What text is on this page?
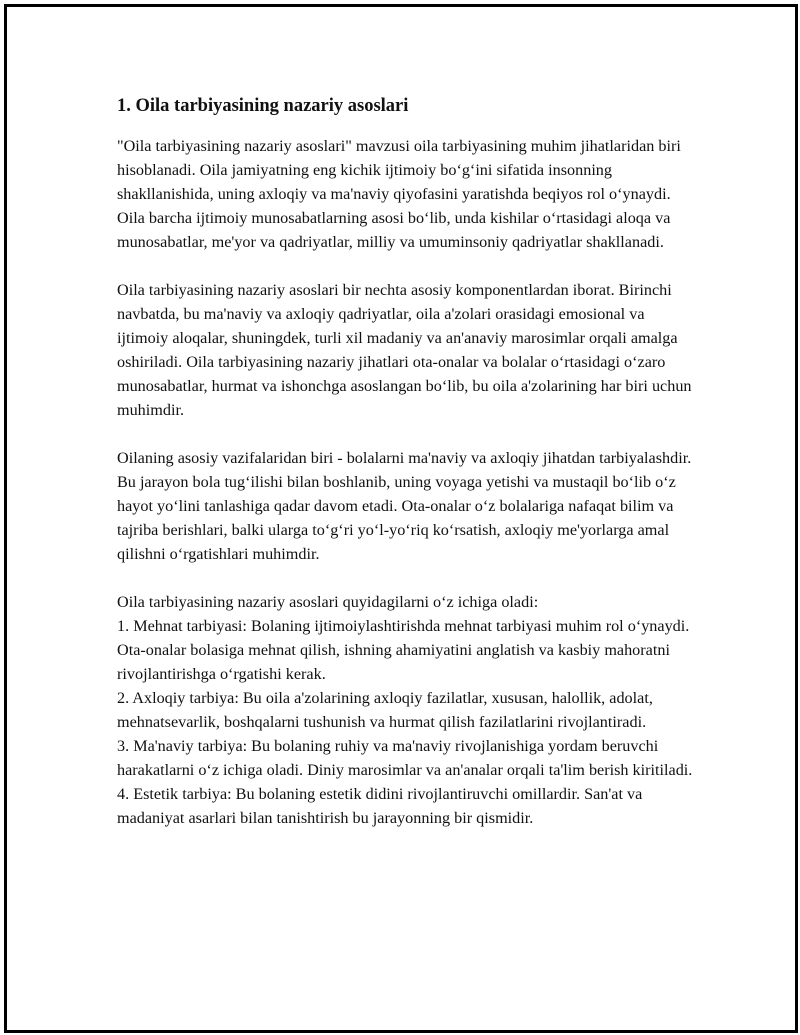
1. Oila tarbiyasining nazariy asoslari

"Oila tarbiyasining nazariy asoslari" mavzusi oila tarbiyasining muhim jihatlaridan biri hisoblanadi. Oila jamiyatning eng kichik ijtimoiy bo‘g‘ini sifatida insonning shakllanishida, uning axloqiy va ma'naviy qiyofasini yaratishda beqiyos rol o‘ynaydi. Oila barcha ijtimoiy munosabatlarning asosi bo‘lib, unda kishilar o‘rtasidagi aloqa va munosabatlar, me'yor va qadriyatlar, milliy va umuminsoniy qadriyatlar shakllanadi.

Oila tarbiyasining nazariy asoslari bir nechta asosiy komponentlardan iborat. Birinchi navbatda, bu ma'naviy va axloqiy qadriyatlar, oila a'zolari orasidagi emosional va ijtimoiy aloqalar, shuningdek, turli xil madaniy va an'anaviy marosimlar orqali amalga oshiriladi. Oila tarbiyasining nazariy jihatlari ota-onalar va bolalar o‘rtasidagi o‘zaro munosabatlar, hurmat va ishonchga asoslangan bo‘lib, bu oila a'zolarining har biri uchun muhimdir.

Oilaning asosiy vazifalaridan biri - bolalarni ma'naviy va axloqiy jihatdan tarbiyalashdir. Bu jarayon bola tug‘ilishi bilan boshlanib, uning voyaga yetishi va mustaqil bo‘lib o‘z hayot yo‘lini tanlashiga qadar davom etadi. Ota-onalar o‘z bolalariga nafaqat bilim va tajriba berishlari, balki ularga to‘g‘ri yo‘l-yo‘riq ko‘rsatish, axloqiy me'yorlarga amal qilishni o‘rgatishlari muhimdir.

Oila tarbiyasining nazariy asoslari quyidagilarni o‘z ichiga oladi:
1. Mehnat tarbiyasi: Bolaning ijtimoiylashtirishda mehnat tarbiyasi muhim rol o‘ynaydi. Ota-onalar bolasiga mehnat qilish, ishning ahamiyatini anglatish va kasbiy mahoratni rivojlantirishga o‘rgatishi kerak.
2. Axloqiy tarbiya: Bu oila a'zolarining axloqiy fazilatlar, xususan, halollik, adolat, mehnatsevarlik, boshqalarni tushunish va hurmat qilish fazilatlarini rivojlantiradi.
3. Ma'naviy tarbiya: Bu bolaning ruhiy va ma'naviy rivojlanishiga yordam beruvchi harakatlarni o‘z ichiga oladi. Diniy marosimlar va an'analar orqali ta'lim berish kiritiladi.
4. Estetik tarbiya: Bu bolaning estetik didini rivojlantiruvchi omillardir. San'at va madaniyat asarlari bilan tanishtirish bu jarayonning bir qismidir.
